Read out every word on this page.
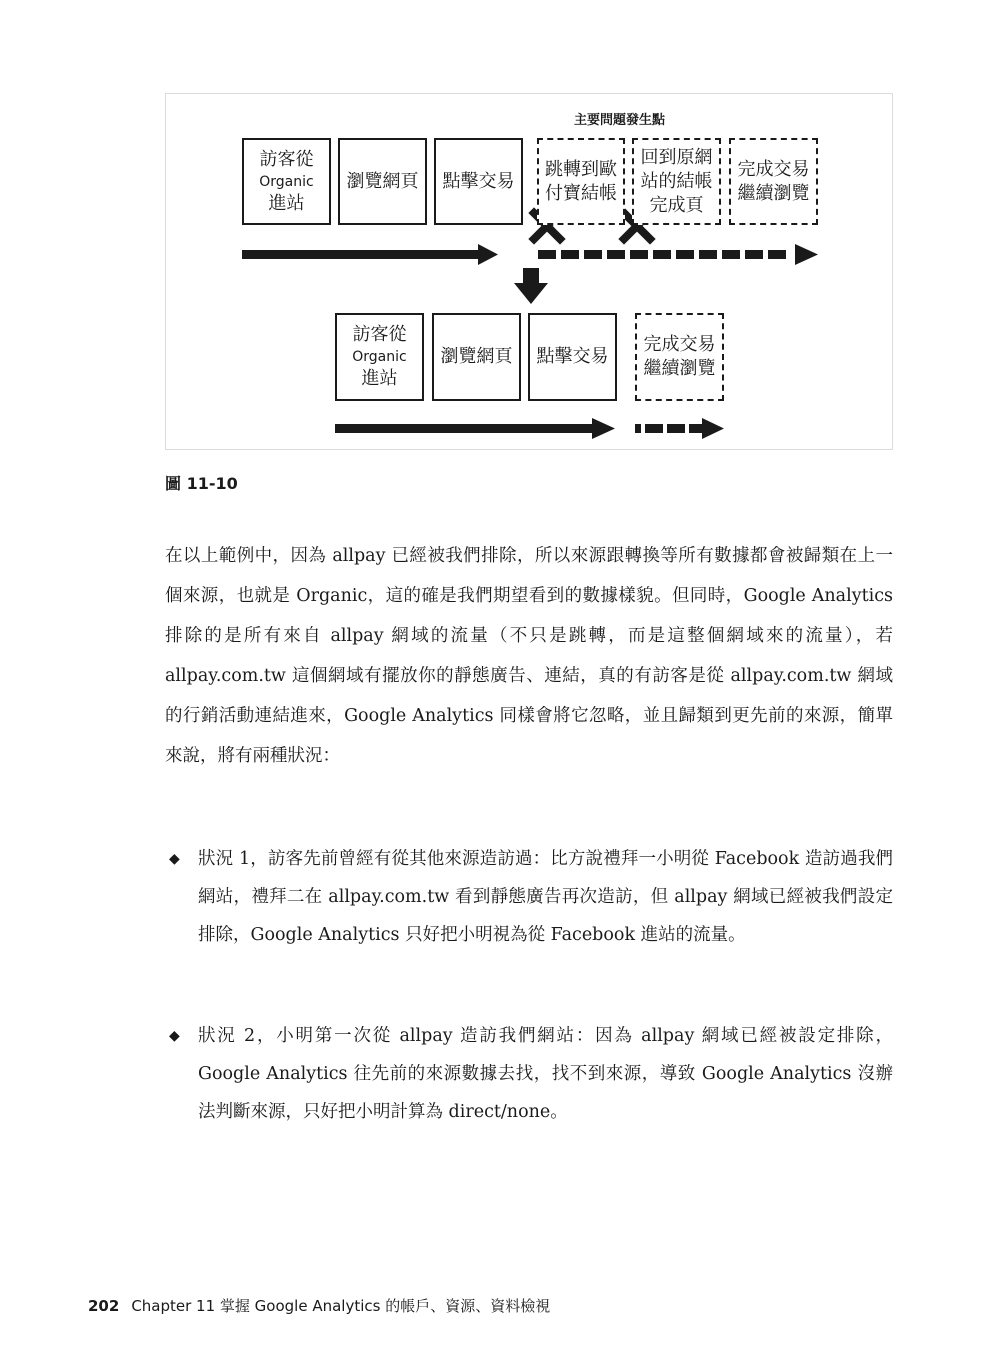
主要問題發生點
訪客從
Organic
進站
瀏覽網頁 點擊交易
跳轉到歐
付寶結帳
回到原網
站的結帳
完成頁
完成交易
繼續瀏覽
訪客從
Organic
進站
瀏覽網頁 點擊交易
完成交易
繼續瀏覽
圖 11-10

在以上範例中，因為 allpay 已經被我們排除，所以來源跟轉換等所有數據都會被歸類在上一個來源，也就是 Organic，這的確是我們期望看到的數據樣貌。但同時，Google Analytics 排除的是所有來自 allpay 網域的流量（不只是跳轉，而是這整個網域來的流量），若 allpay.com.tw 這個網域有擺放你的靜態廣告、連結，真的有訪客是從 allpay.com.tw 網域的行銷活動連結進來，Google Analytics 同樣會將它忽略，並且歸類到更先前的來源，簡單來說，將有兩種狀況：

◆ 狀況 1，訪客先前曾經有從其他來源造訪過：比方說禮拜一小明從 Facebook 造訪過我們網站，禮拜二在 allpay.com.tw 看到靜態廣告再次造訪，但 allpay 網域已經被我們設定排除，Google Analytics 只好把小明視為從 Facebook 進站的流量。
◆ 狀況 2，小明第一次從 allpay 造訪我們網站：因為 allpay 網域已經被設定排除，Google Analytics 往先前的來源數據去找，找不到來源，導致 Google Analytics 沒辦法判斷來源，只好把小明計算為 direct/none。
202 Chapter 11 掌握 Google Analytics 的帳戶、資源、資料檢視
